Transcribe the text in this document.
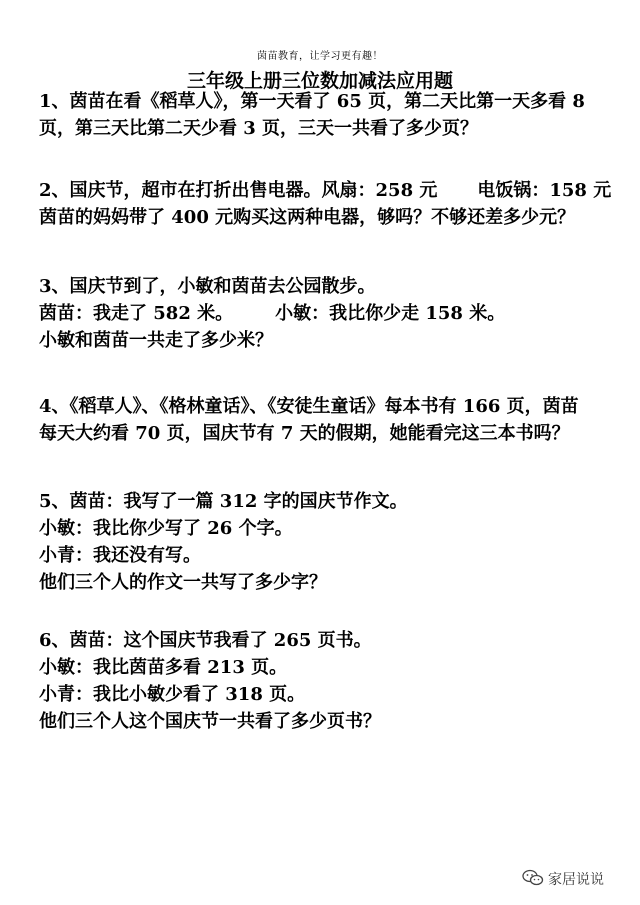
茵苗教育，让学习更有趣！
三年级上册三位数加减法应用题
1、茵苗在看《稻草人》，第一天看了 65 页，第二天比第一天多看 8
页，第三天比第二天少看 3 页，三天一共看了多少页？
2、国庆节，超市在打折出售电器。风扇：258 元 电饭锅：158 元
茵苗的妈妈带了 400 元购买这两种电器，够吗？不够还差多少元？
3、国庆节到了，小敏和茵苗去公园散步。
茵苗：我走了 582 米。 小敏：我比你少走 158 米。
小敏和茵苗一共走了多少米？
4、《稻草人》、《格林童话》、《安徒生童话》每本书有 166 页，茵苗
每天大约看 70 页，国庆节有 7 天的假期，她能看完这三本书吗？
5、茵苗：我写了一篇 312 字的国庆节作文。
小敏：我比你少写了 26 个字。
小青：我还没有写。
他们三个人的作文一共写了多少字？
6、茵苗：这个国庆节我看了 265 页书。
小敏：我比茵苗多看 213 页。
小青：我比小敏少看了 318 页。
他们三个人这个国庆节一共看了多少页书？
家居说说
